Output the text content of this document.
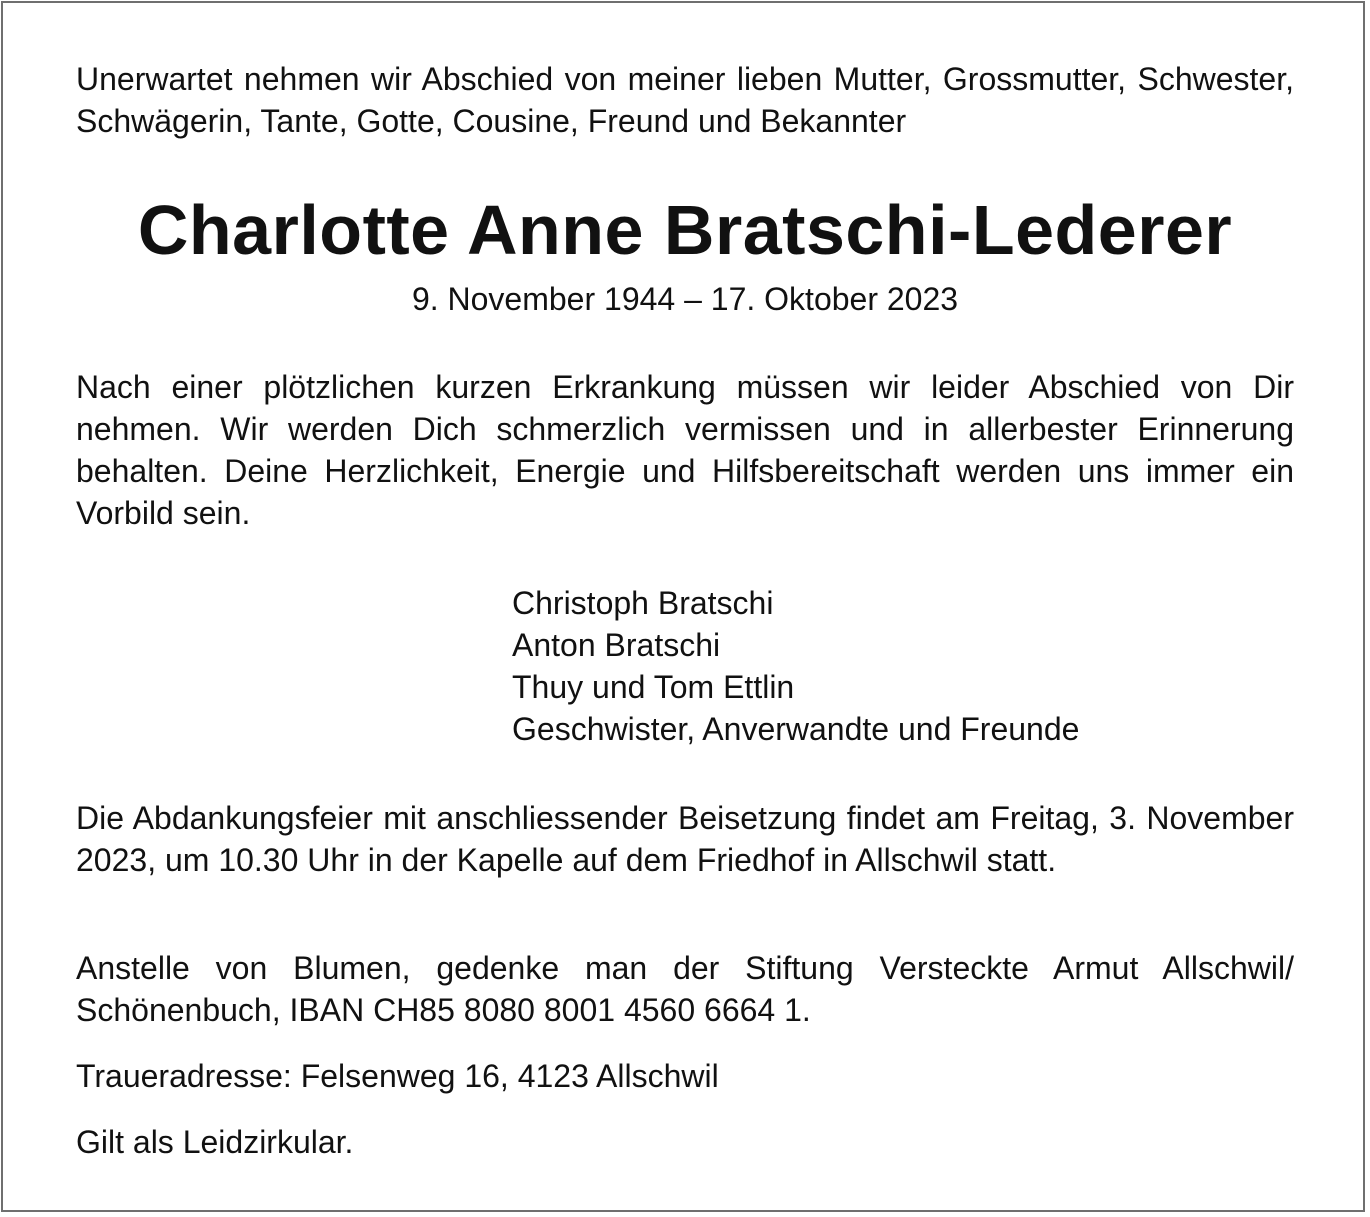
Unerwartet nehmen wir Abschied von meiner lieben Mutter, Grossmutter, Schwester, Schwägerin, Tante, Gotte, Cousine, Freund und Bekannter

Charlotte Anne Bratschi-Lederer

9. November 1944 – 17. Oktober 2023

Nach einer plötzlichen kurzen Erkrankung müssen wir leider Abschied von Dir nehmen. Wir werden Dich schmerzlich vermissen und in allerbester Erinnerung behalten. Deine Herzlichkeit, Energie und Hilfsbereitschaft werden uns immer ein Vorbild sein.

Christoph Bratschi
Anton Bratschi
Thuy und Tom Ettlin
Geschwister, Anverwandte und Freunde

Die Abdankungsfeier mit anschliessender Beisetzung findet am Freitag, 3. November 2023, um 10.30 Uhr in der Kapelle auf dem Friedhof in Allschwil statt.

Anstelle von Blumen, gedenke man der Stiftung Versteckte Armut Allschwil/ Schönenbuch, IBAN CH85 8080 8001 4560 6664 1.

Traueradresse: Felsenweg 16, 4123 Allschwil

Gilt als Leidzirkular.
